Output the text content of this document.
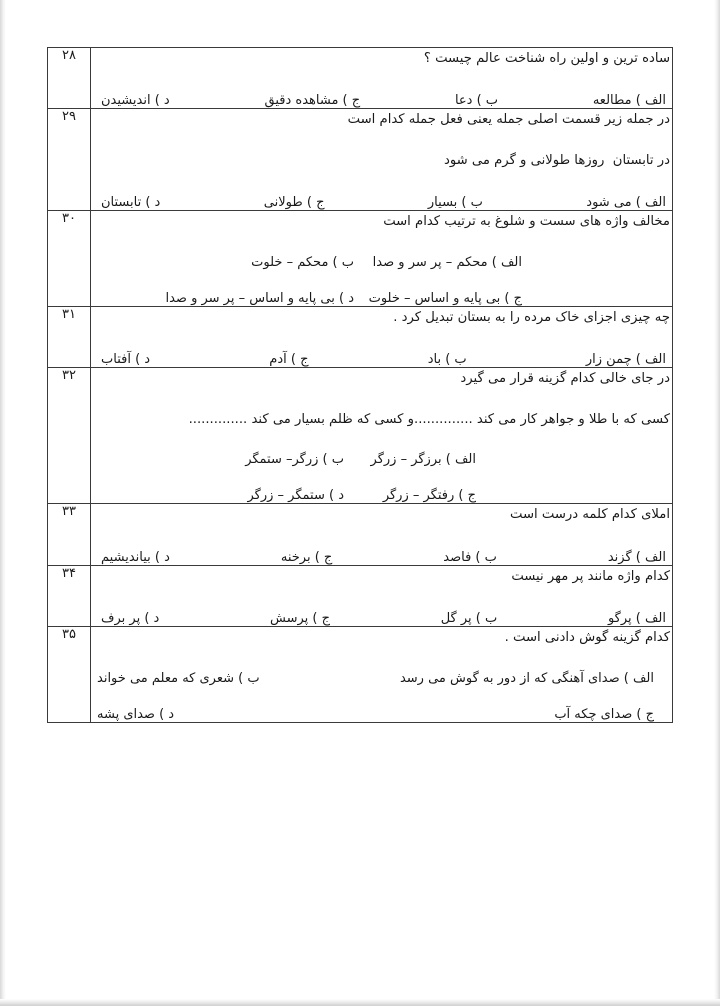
ساده ترین و اولین راه شناخت عالم چیست ؟
الف ) مطالعه
ب ) دعا
ج ) مشاهده دقیق
د ) اندیشیدن	۲۸

در جمله زیر قسمت اصلی جمله یعنی فعل جمله کدام است
در تابستان  روزها طولانی و گرم می شود
الف ) می شود
ب ) بسیار
ج ) طولانی
د ) تابستان
	۲۹

مخالف واژه های سست و شلوغ به ترتیب کدام است
الف ) محکم – پر سر و صدا
ب ) محکم – خلوت
ج ) بی پایه و اساس – خلوت
د ) بی پایه و اساس – پر سر و صدا	۳۰

چه چیزی اجزای خاک مرده را به بستان تبدیل کرد .
الف ) چمن زار
ب ) باد
ج ) آدم
د ) آفتاب	۳۱

در جای خالی کدام گزینه قرار می گیرد
کسی که با طلا و جواهر کار می کند ..............و کسی که ظلم بسیار می کند ..............
الف ) برزگر – زرگر
ب ) زرگر– ستمگر
ج ) رفتگر – زرگر
د ) ستمگر – زرگر
	۳۲

املای کدام کلمه درست است
الف ) گزند
ب ) فاصد
ج ) برخنه
د ) بیاندیشیم	۳۳

کدام واژه مانند پر مهر نیست
الف ) پرگو
ب ) پر گل
ج ) پرسش
د ) پر برف	۳۴

کدام گزینه گوش دادنی است .
الف ) صدای آهنگی که از دور به گوش می رسد
ب ) شعری که معلم می خواند
ج ) صدای چکه آب
د ) صدای پشه	۳۵
